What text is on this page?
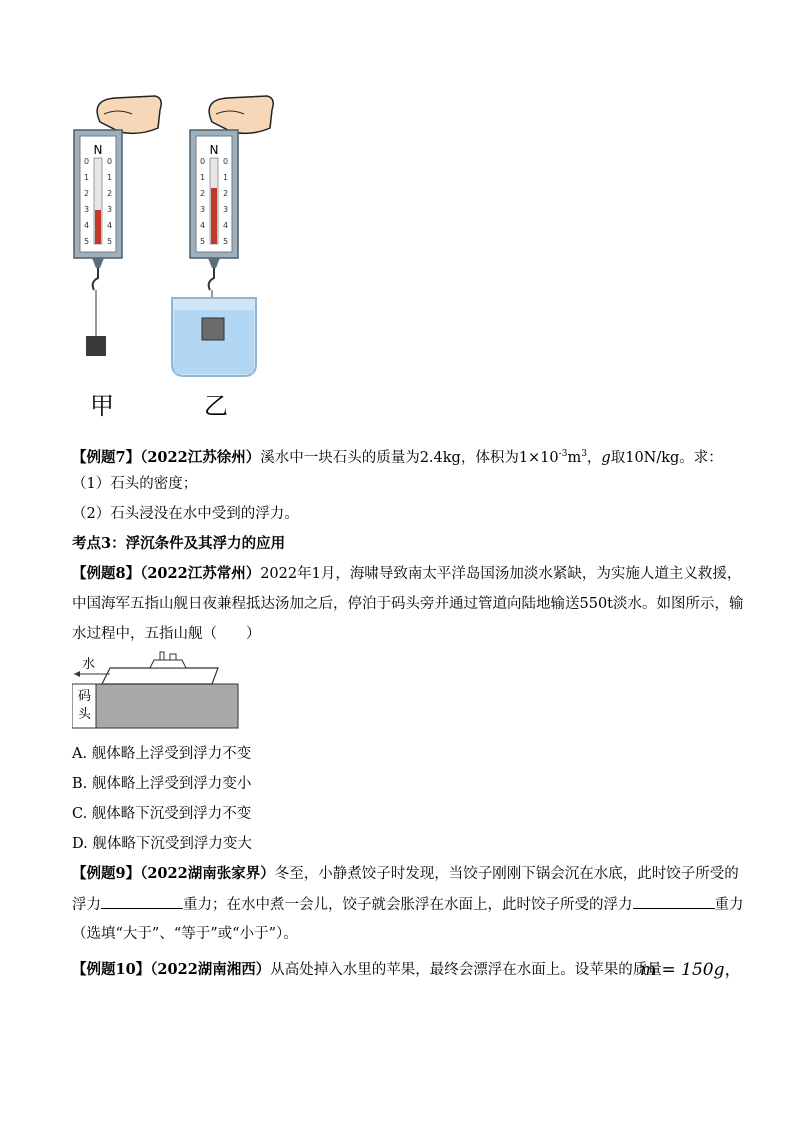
N
0
1
2
3
4
5
0
1
2
3
4
5
N
0
1
2
3
4
5
0
1
2
3
4
5
甲	乙
【例题7】（2022江苏徐州）溪水中一块石头的质量为2.4kg，体积为$1\times 10^{-3}m^3$，g取10N/kg。求：
（1）石头的密度；
（2）石头浸没在水中受到的浮力。
考点3：浮沉条件及其浮力的应用
【例题8】（2022江苏常州）2022年1月，海啸导致南太平洋岛国汤加淡水紧缺，为实施人道主义救援，
中国海军五指山舰日夜兼程抵达汤加之后，停泊于码头旁并通过管道向陆地输送550t淡水。如图所示，输
水过程中，五指山舰（　　）
水
码
头
A. 舰体略上浮受到浮力不变
B. 舰体略上浮受到浮力变小
C. 舰体略下沉受到浮力不变
D. 舰体略下沉受到浮力变大
【例题9】（2022湖南张家界）冬至，小静煮饺子时发现，当饺子刚刚下锅会沉在水底，此时饺子所受的
浮力	重力；在水中煮一会儿，饺子就会胀浮在水面上，此时饺子所受的浮力	重力
（选填“大于”、“等于”或“小于”）。
【例题10】（2022湖南湘西）从高处掉入水里的苹果，最终会漂浮在水面上。设苹果的质量
m = 150g，
